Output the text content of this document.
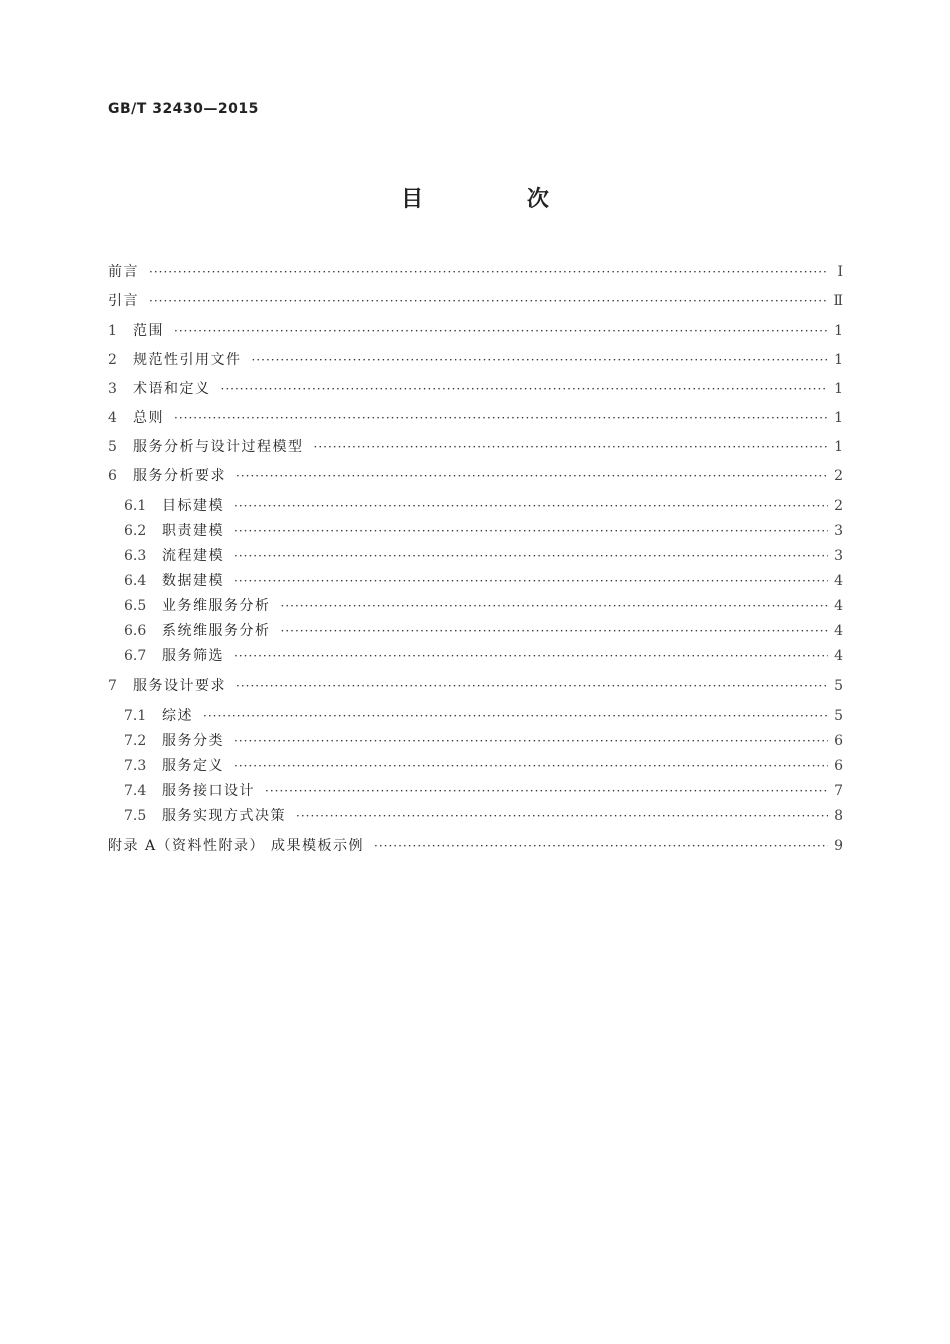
GB/T 32430—2015
目 次
前言 ·····	Ⅰ
引言 ·····	Ⅱ
1	范围 ·····	1
2	规范性引用文件 ·····	1
3	术语和定义 ·····	1
4	总则 ·····	1
5	服务分析与设计过程模型 ·····	1
6	服务分析要求 ·····	2
6.1	目标建模 ·····	2
6.2	职责建模 ·····	3
6.3	流程建模 ·····	3
6.4	数据建模 ·····	4
6.5	业务维服务分析 ·····	4
6.6	系统维服务分析 ·····	4
6.7	服务筛选 ·····	4
7	服务设计要求 ·····	5
7.1	综述 ·····	5
7.2	服务分类 ·····	6
7.3	服务定义 ·····	6
7.4	服务接口设计 ·····	7
7.5	服务实现方式决策 ·····	8
附录 A（资料性附录） 成果模板示例 ·····	9
